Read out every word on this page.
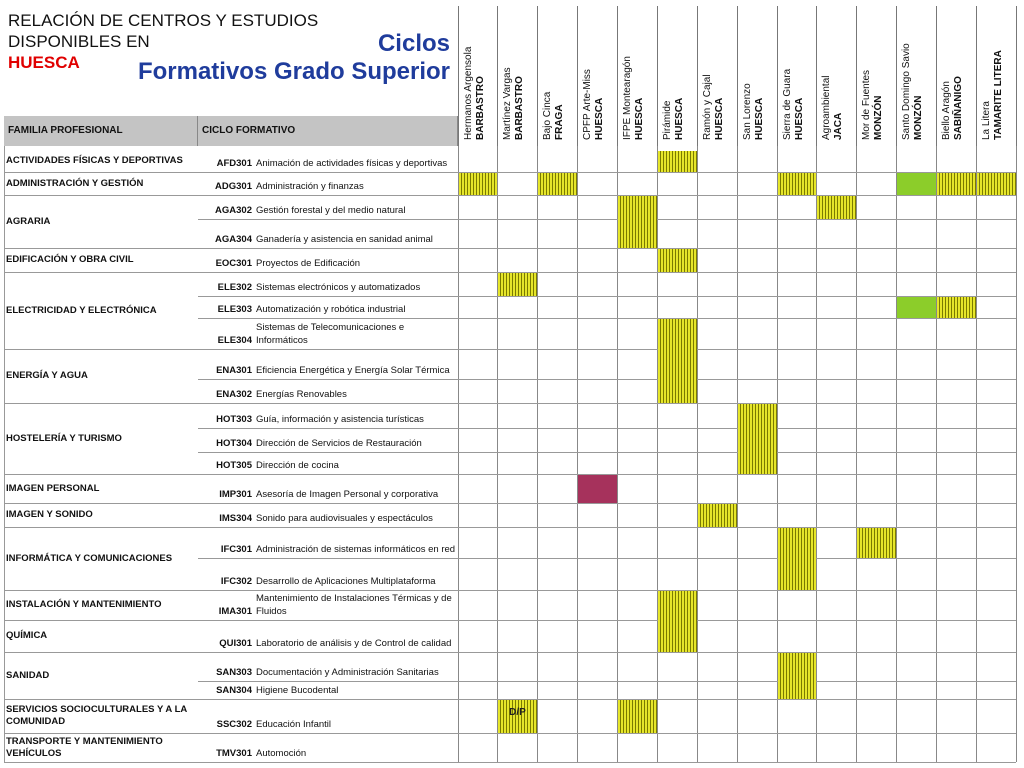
RELACIÓN DE CENTROS Y ESTUDIOS
DISPONIBLES EN
HUESCA
Ciclos
Formativos Grado Superior
FAMILIA PROFESIONAL	CICLO FORMATIVO	Hermanos Argensola BARBASTRO Martínez Vargas BARBASTRO Bajo Cinca FRAGA CPFP Arte-Miss HUESCA IFPE Montearagón HUESCA Pirámide HUESCA Ramón y Cajal HUESCA San Lorenzo HUESCA Sierra de Guara HUESCA Agroambiental JACA Mor de Fuentes MONZÓN Santo Domingo Savio MONZÓN Biello Aragón SABIÑANIGO La Litera TAMARITE LITERA
ACTIVIDADES FÍSICAS Y DEPORTIVAS
ADMINISTRACIÓN Y GESTIÓN
AGRARIA
EDIFICACIÓN Y OBRA CIVIL
ELECTRICIDAD Y ELECTRÓNICA
ENERGÍA Y AGUA
HOSTELERÍA Y TURISMO
IMAGEN PERSONAL
IMAGEN Y SONIDO
INFORMÁTICA Y COMUNICACIONES
INSTALACIÓN Y MANTENIMIENTO
QUÍMICA
SANIDAD
SERVICIOS SOCIOCULTURALES Y A LA COMUNIDAD
TRANSPORTE Y MANTENIMIENTO VEHÍCULOS
AFD301 Animación de actividades físicas y deportivas
ADG301 Administración y finanzas
AGA302 Gestión forestal y del medio natural
AGA304 Ganadería y asistencia en sanidad animal
EOC301 Proyectos de Edificación
ELE302 Sistemas electrónicos y automatizados
ELE303 Automatización y robótica industrial
ELE304
Sistemas de Telecomunicaciones e Informáticos
ENA301 Eficiencia Energética y Energía Solar Térmica
ENA302 Energías Renovables
HOT303 Guía, información y asistencia turísticas
HOT304 Dirección de Servicios de Restauración
HOT305 Dirección de cocina
IMP301 Asesoría de Imagen Personal y corporativa
IMS304 Sonido para audiovisuales y espectáculos
IFC301 Administración de sistemas informáticos en red
IFC302 Desarrollo de Aplicaciones Multiplataforma
IMA301
Mantenimiento de Instalaciones Térmicas y de Fluidos
QUI301 Laboratorio de análisis y de Control de calidad
SAN303 Documentación y Administración Sanitarias
SAN304 Higiene Bucodental
SSC302 Educación Infantil
TMV301 Automoción
D/P
